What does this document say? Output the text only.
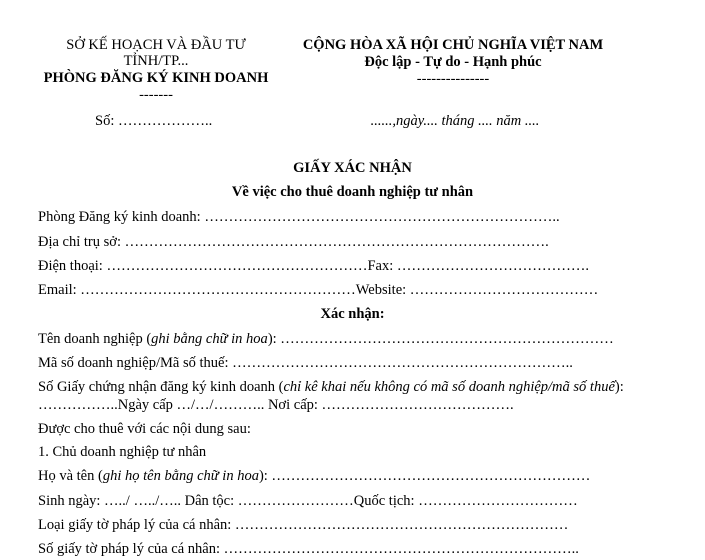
SỞ KẾ HOẠCH VÀ ĐẦU TƯ
TỈNH/TP...
PHÒNG ĐĂNG KÝ KINH DOANH
-------
CỘNG HÒA XÃ HỘI CHỦ NGHĨA VIỆT NAM
Độc lập - Tự do - Hạnh phúc
---------------
Số: ………………..	......,ngày.... tháng .... năm ....
GIẤY XÁC NHẬN
Về việc cho thuê doanh nghiệp tư nhân
Phòng Đăng ký kinh doanh: ………………………………………………………………..
Địa chỉ trụ sở: …………………………………………………………………………….
Điện thoại: ………………………………………………Fax: ………………………………….
Email: …………………………………………………Website: …………………………………
Xác nhận:
Tên doanh nghiệp (ghi bằng chữ in hoa): ……………………………………………………………
Mã số doanh nghiệp/Mã số thuế: ……………………………………………………………..
Số Giấy chứng nhận đăng ký kinh doanh (chỉ kê khai nếu không có mã số doanh nghiệp/mã số thuế):
……………..Ngày cấp …/…/……….. Nơi cấp: ………………………………….
Được cho thuê với các nội dung sau:
1. Chủ doanh nghiệp tư nhân
Họ và tên (ghi họ tên bằng chữ in hoa): …………………………………………………………
Sinh ngày: …../ …../….. Dân tộc: ……………………Quốc tịch: ……………………………
Loại giấy tờ pháp lý của cá nhân: ……………………………………………………………
Số giấy tờ pháp lý của cá nhân: ………………………………………………………………..
